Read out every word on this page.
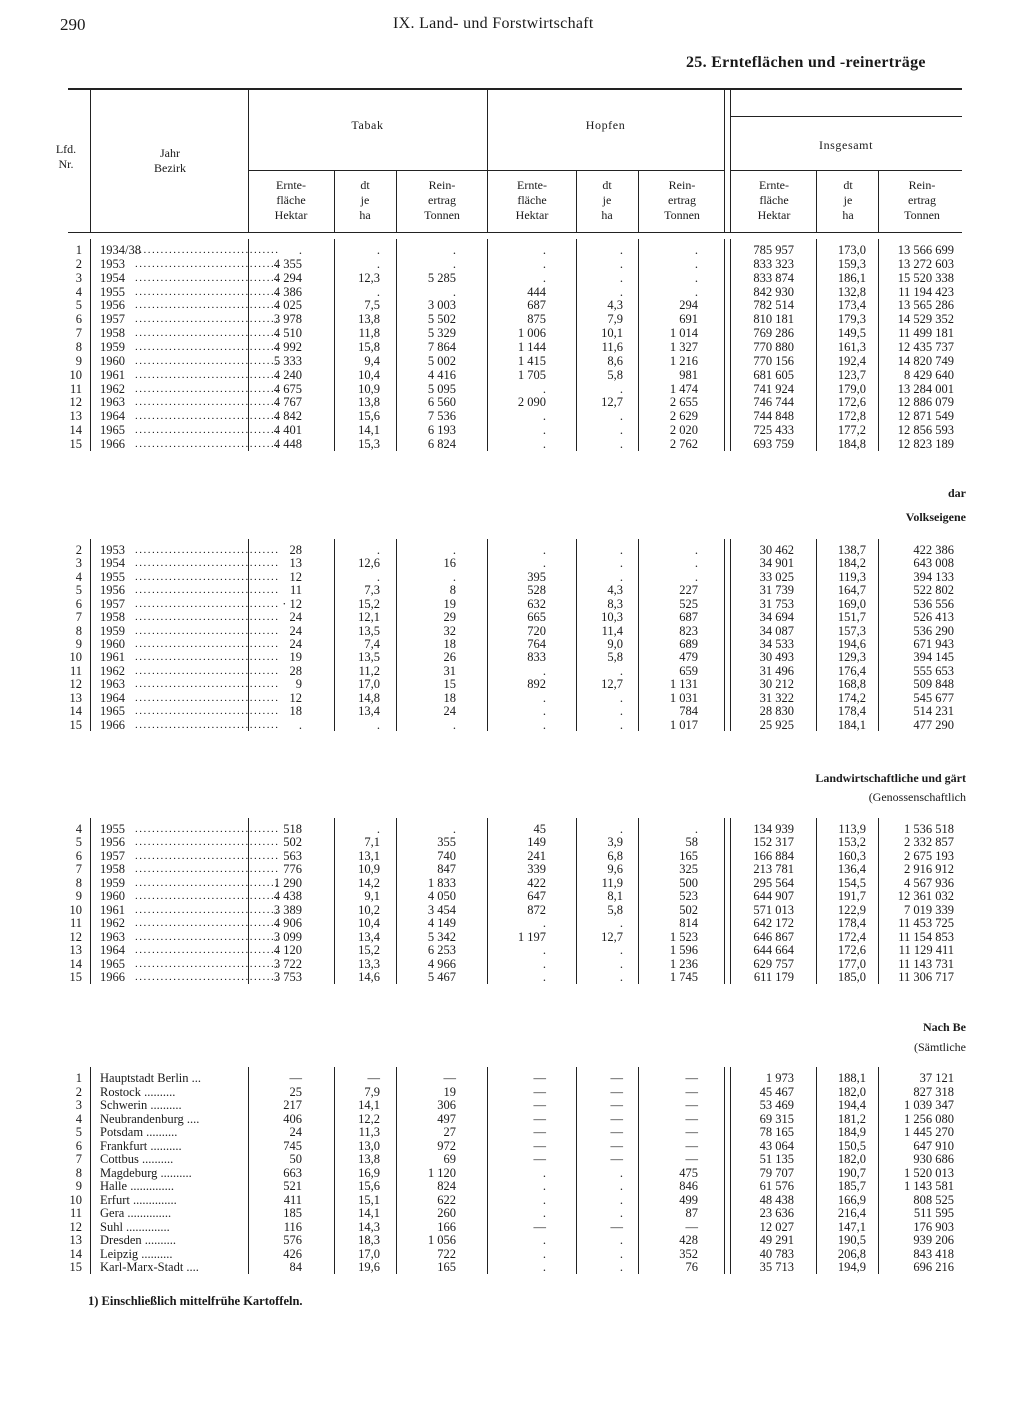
290	IX. Land- und Forstwirtschaft
25. Ernteflächen und -reinerträge
Lfd.
Nr.
Jahr
Bezirk
Tabak	Hopfen
Insgesamt
Ernte-
fläche
Hektar
dt
je
ha
Rein-
ertrag
Tonnen
Ernte-
fläche
Hektar
dt
je
ha
Rein-
ertrag
Tonnen
Ernte-
fläche
Hektar
dt
je
ha
Rein-
ertrag
Tonnen
dar
Volkseigene
Landwirtschaftliche und gärt
(Genossenschaftlich
Nach Be
(Sämtliche
1 1934/38	.	.	.	.	.	.	785 957	173,0	13 566 699
..................................
2 1953	4 355	.	.	.	.	.	833 323	159,3	13 272 603
..................................
3 1954	4 294	12,3	5 285	.	.	.	833 874	186,1	15 520 338
..................................
4 1955	4 386	.	.	444	.	.	842 930	132,8	11 194 423
..................................
5 1956	4 025	7,5	3 003	687	4,3	294	782 514	173,4	13 565 286
..................................
6 1957	3 978	13,8	5 502	875	7,9	691	810 181	179,3	14 529 352
..................................
7 1958	4 510	11,8	5 329	1 006	10,1	1 014	769 286	149,5	11 499 181
..................................
8 1959	4 992	15,8	7 864	1 144	11,6	1 327	770 880	161,3	12 435 737
..................................
9 1960	5 333	9,4	5 002	1 415	8,6	1 216	770 156	192,4	14 820 749
..................................
10 1961	4 240	10,4	4 416	1 705	5,8	981	681 605	123,7	8 429 640
..................................
11 1962	4 675	10,9	5 095	.	.	1 474	741 924	179,0	13 284 001
..................................
12 1963	4 767	13,8	6 560	2 090	12,7	2 655	746 744	172,6	12 886 079
..................................
13 1964	4 842	15,6	7 536	.	.	2 629	744 848	172,8	12 871 549
..................................
14 1965	4 401	14,1	6 193	.	.	2 020	725 433	177,2	12 856 593
..................................
15 1966	4 448	15,3	6 824	.	.	2 762	693 759	184,8	12 823 189
..................................
2 1953	28	.	.	.	.	.	30 462	138,7	422 386
..................................
3 1954	13	12,6	16	.	.	.	34 901	184,2	643 008
..................................
4 1955	12	.	.	395	.	.	33 025	119,3	394 133
..................................
5 1956	11	7,3	8	528	4,3	227	31 739	164,7	522 802
..................................
6 1957	· 12	15,2	19	632	8,3	525	31 753	169,0	536 556
..................................
7 1958	24	12,1	29	665	10,3	687	34 694	151,7	526 413
..................................
8 1959	24	13,5	32	720	11,4	823	34 087	157,3	536 290
..................................
9 1960	24	7,4	18	764	9,0	689	34 533	194,6	671 943
..................................
10 1961	19	13,5	26	833	5,8	479	30 493	129,3	394 145
..................................
11 1962	28	11,2	31	.	.	659	31 496	176,4	555 653
..................................
12 1963	9	17,0	15	892	12,7	1 131	30 212	168,8	509 848
..................................
13 1964	12	14,8	18	.	.	1 031	31 322	174,2	545 677
..................................
14 1965	18	13,4	24	.	.	784	28 830	178,4	514 231
..................................
15 1966	.	.	.	.	.	1 017	25 925	184,1	477 290
..................................
4 1955	518	.	.	45	.	.	134 939	113,9	1 536 518
..................................
5 1956	502	7,1	355	149	3,9	58	152 317	153,2	2 332 857
..................................
6 1957	563	13,1	740	241	6,8	165	166 884	160,3	2 675 193
..................................
7 1958	776	10,9	847	339	9,6	325	213 781	136,4	2 916 912
..................................
8 1959	1 290	14,2	1 833	422	11,9	500	295 564	154,5	4 567 936
..................................
9 1960	4 438	9,1	4 050	647	8,1	523	644 907	191,7	12 361 032
..................................
10 1961	3 389	10,2	3 454	872	5,8	502	571 013	122,9	7 019 339
..................................
11 1962	4 906	10,4	4 149	.	.	814	642 172	178,4	11 453 725
..................................
12 1963	3 099	13,4	5 342	1 197	12,7	1 523	646 867	172,4	11 154 853
..................................
13 1964	4 120	15,2	6 253	.	.	1 596	644 664	172,6	11 129 411
..................................
14 1965	3 722	13,3	4 966	.	.	1 236	629 757	177,0	11 143 731
..................................
15 1966	3 753	14,6	5 467	.	.	1 745	611 179	185,0	11 306 717
..................................
1 Hauptstadt Berlin ...	—	—	—	—	—	—	1 973	188,1	37 121
2 Rostock ..........	25	7,9	19	—	—	—	45 467	182,0	827 318
3 Schwerin ..........	217	14,1	306	—	—	—	53 469	194,4	1 039 347
4 Neubrandenburg ....	406	12,2	497	—	—	—	69 315	181,2	1 256 080
5 Potsdam ..........	24	11,3	27	—	—	—	78 165	184,9	1 445 270
6 Frankfurt ..........	745	13,0	972	—	—	—	43 064	150,5	647 910
7 Cottbus ..........	50	13,8	69	—	—	—	51 135	182,0	930 686
8 Magdeburg ..........	663	16,9	1 120	.	.	475	79 707	190,7	1 520 013
9 Halle ..............	521	15,6	824	.	.	846	61 576	185,7	1 143 581
10 Erfurt ..............	411	15,1	622	.	.	499	48 438	166,9	808 525
11 Gera ..............	185	14,1	260	.	.	87	23 636	216,4	511 595
12 Suhl ..............	116	14,3	166	—	—	—	12 027	147,1	176 903
13 Dresden ..........	576	18,3	1 056	.	.	428	49 291	190,5	939 206
14 Leipzig ..........	426	17,0	722	.	.	352	40 783	206,8	843 418
15 Karl-Marx-Stadt ....	84	19,6	165	.	.	76	35 713	194,9	696 216
1) Einschließlich mittelfrühe Kartoffeln.
